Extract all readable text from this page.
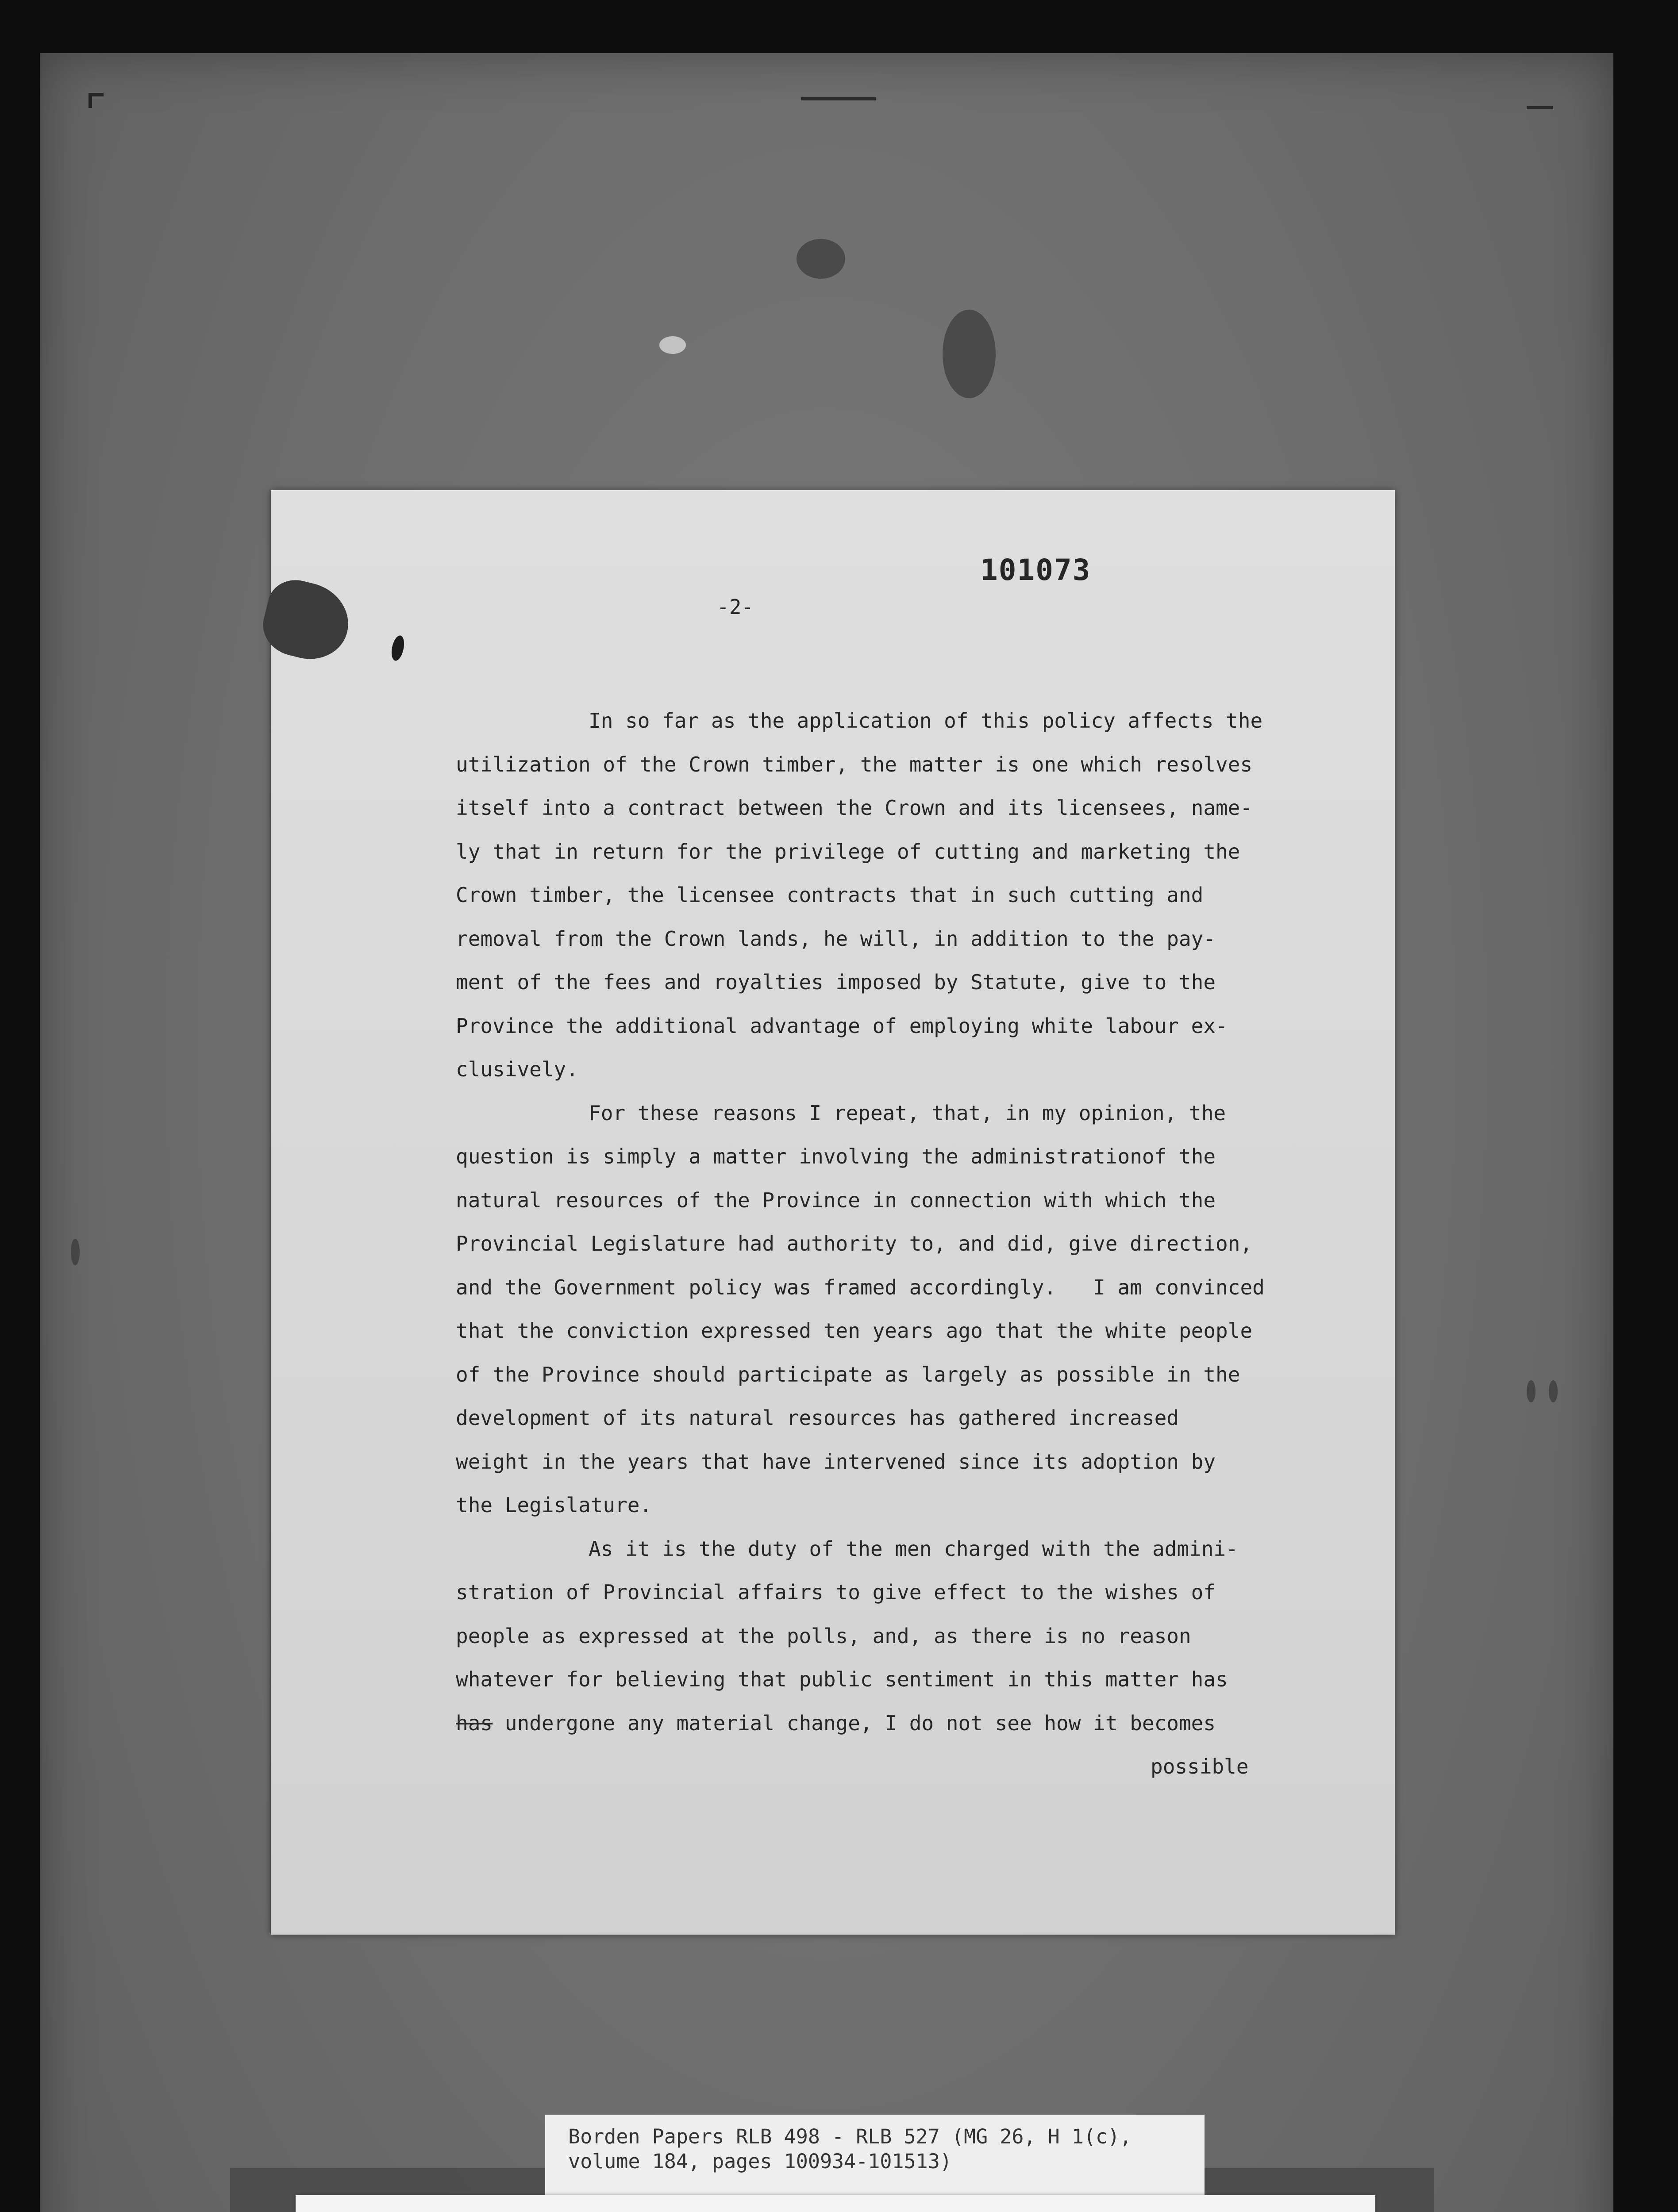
101073
-2-
In so far as the application of this policy affects the
utilization of the Crown timber, the matter is one which resolves
itself into a contract between the Crown and its licensees, name-
ly that in return for the privilege of cutting and marketing the
Crown timber, the licensee contracts that in such cutting and
removal from the Crown lands, he will, in addition to the pay-
ment of the fees and royalties imposed by Statute, give to the
Province the additional advantage of employing white labour ex-
clusively.
For these reasons I repeat, that, in my opinion, the
question is simply a matter involving the administrationof the
natural resources of the Province in connection with which the
Provincial Legislature had authority to, and did, give direction,
and the Government policy was framed accordingly.   I am convinced
that the conviction expressed ten years ago that the white people
of the Province should participate as largely as possible in the
development of its natural resources has gathered increased
weight in the years that have intervened since its adoption by
the Legislature.
As it is the duty of the men charged with the admini-
stration of Provincial affairs to give effect to the wishes of
people as expressed at the polls, and, as there is no reason
whatever for believing that public sentiment in this matter has
has undergone any material change, I do not see how it becomes
possible
Borden Papers RLB 498 - RLB 527 (MG 26, H 1(c),
volume 184, pages 100934-101513)
